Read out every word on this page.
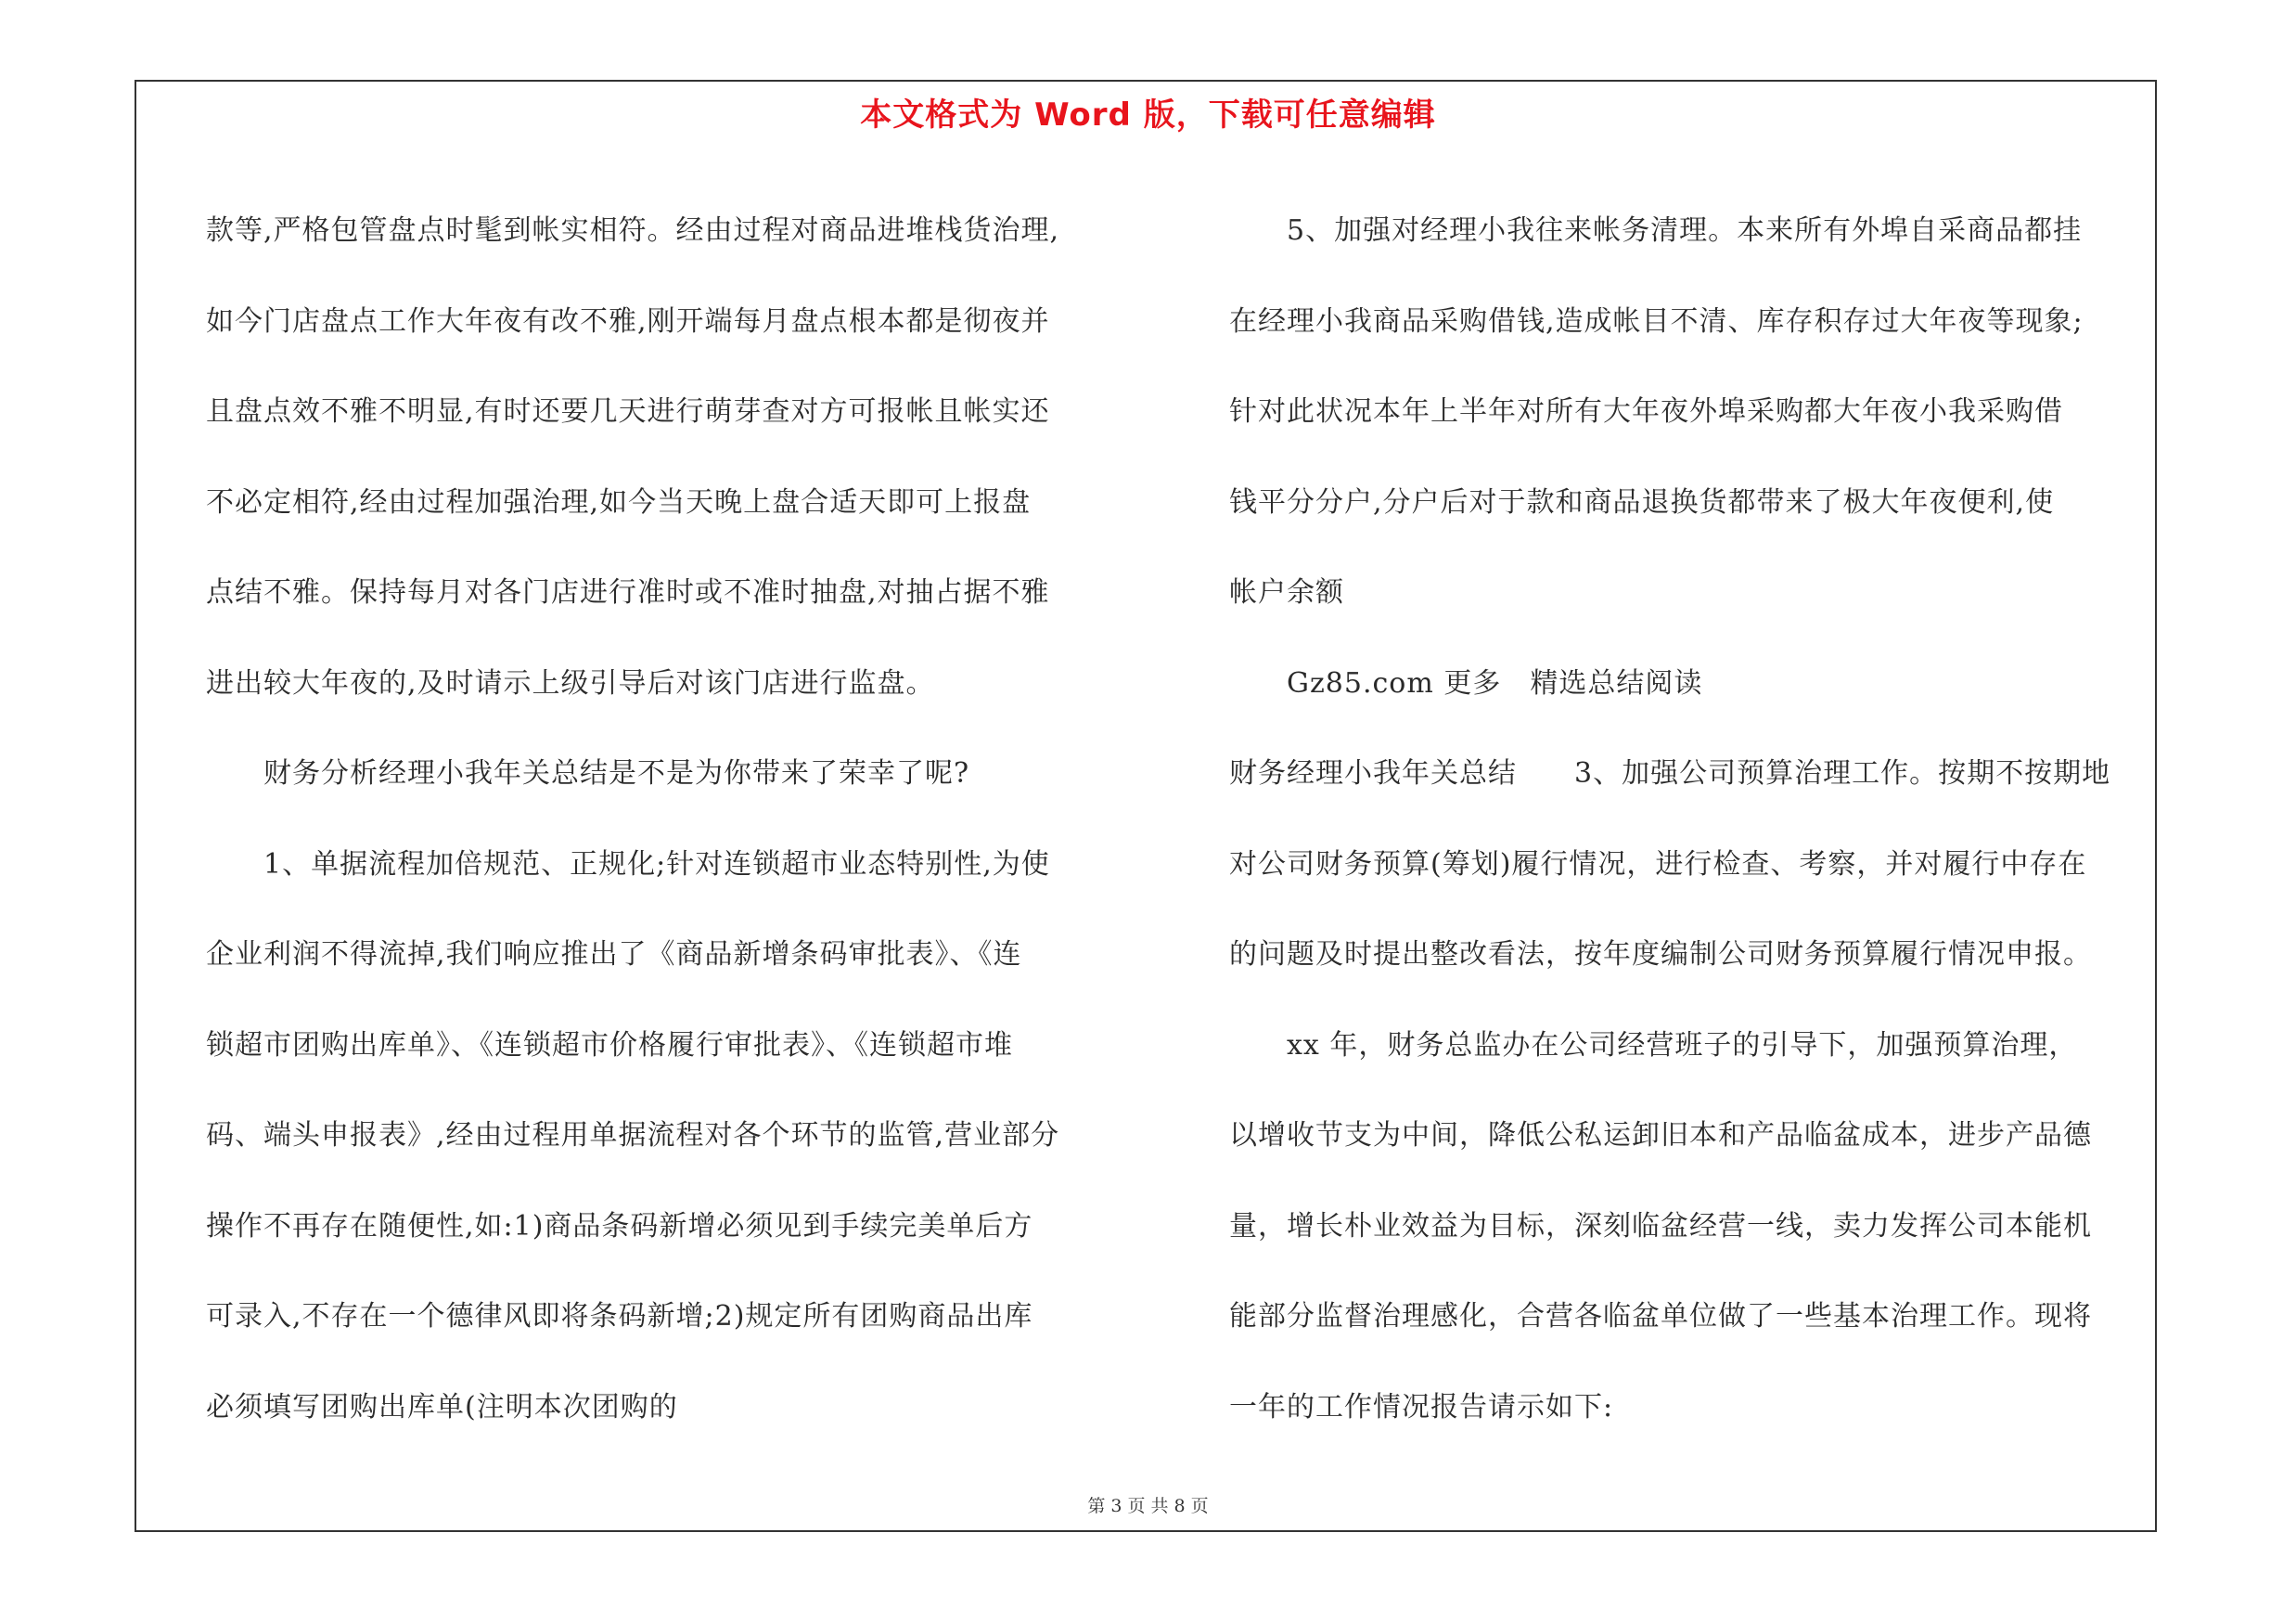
本文格式为 Word 版，下载可任意编辑
款等,严格包管盘点时髦到帐实相符。经由过程对商品进堆栈货治理,
如今门店盘点工作大年夜有改不雅,刚开端每月盘点根本都是彻夜并
且盘点效不雅不明显,有时还要几天进行萌芽查对方可报帐且帐实还
不必定相符,经由过程加强治理,如今当天晚上盘合适天即可上报盘
点结不雅。保持每月对各门店进行准时或不准时抽盘,对抽占据不雅
进出较大年夜的,及时请示上级引导后对该门店进行监盘。
　　财务分析经理小我年关总结是不是为你带来了荣幸了呢?
　　1、单据流程加倍规范、正规化;针对连锁超市业态特别性,为使
企业利润不得流掉,我们响应推出了《商品新增条码审批表》、《连
锁超市团购出库单》、《连锁超市价格履行审批表》、《连锁超市堆
码、端头申报表》,经由过程用单据流程对各个环节的监管,营业部分
操作不再存在随便性,如:1)商品条码新增必须见到手续完美单后方
可录入,不存在一个德律风即将条码新增;2)规定所有团购商品出库
必须填写团购出库单(注明本次团购的
　　5、加强对经理小我往来帐务清理。本来所有外埠自采商品都挂
在经理小我商品采购借钱,造成帐目不清、库存积存过大年夜等现象;
针对此状况本年上半年对所有大年夜外埠采购都大年夜小我采购借
钱平分分户,分户后对于款和商品退换货都带来了极大年夜便利,使
帐户余额
　　Gz85.com 更多　精选总结阅读
财务经理小我年关总结　　3、加强公司预算治理工作。按期不按期地
对公司财务预算(筹划)履行情况，进行检查、考察，并对履行中存在
的问题及时提出整改看法，按年度编制公司财务预算履行情况申报。
　　xx 年，财务总监办在公司经营班子的引导下，加强预算治理，
以增收节支为中间，降低公私运卸旧本和产品临盆成本，进步产品德
量，增长朴业效益为目标，深刻临盆经营一线，卖力发挥公司本能机
能部分监督治理感化，合营各临盆单位做了一些基本治理工作。现将
一年的工作情况报告请示如下:
第 3 页 共 8 页
